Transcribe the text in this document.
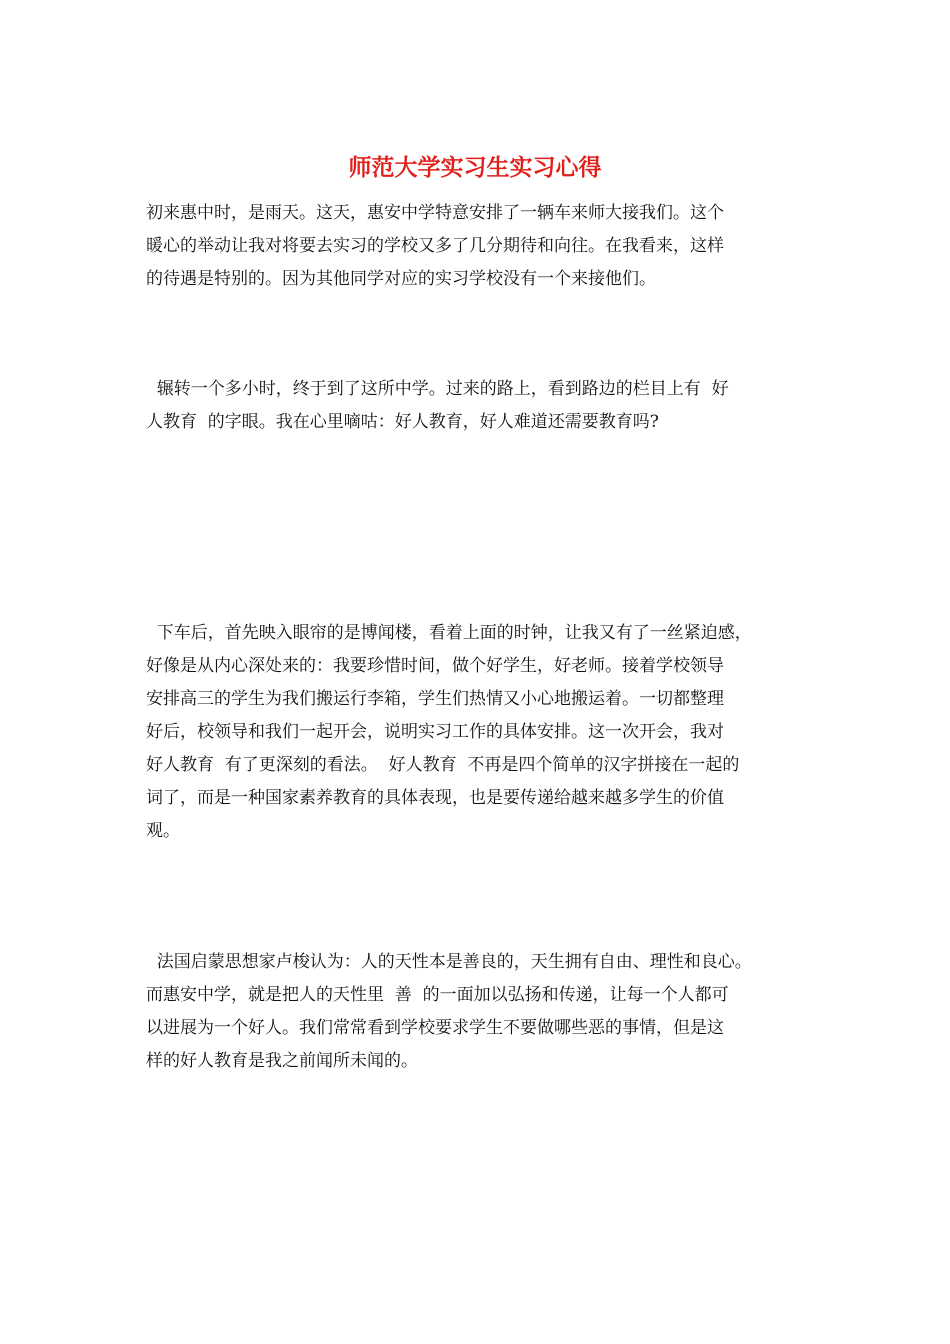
师范大学实习生实习心得
初来惠中时，是雨天。这天，惠安中学特意安排了一辆车来师大接我们。这个
暖心的举动让我对将要去实习的学校又多了几分期待和向往。在我看来，这样
的待遇是特别的。因为其他同学对应的实习学校没有一个来接他们。
辗转一个多小时，终于到了这所中学。过来的路上，看到路边的栏目上有  好
人教育  的字眼。我在心里嘀咕：好人教育，好人难道还需要教育吗?
下车后，首先映入眼帘的是博闻楼，看着上面的时钟，让我又有了一丝紧迫感，
好像是从内心深处来的：我要珍惜时间，做个好学生，好老师。接着学校领导
安排高三的学生为我们搬运行李箱，学生们热情又小心地搬运着。一切都整理
好后，校领导和我们一起开会，说明实习工作的具体安排。这一次开会，我对
好人教育  有了更深刻的看法。  好人教育  不再是四个简单的汉字拼接在一起的
词了，而是一种国家素养教育的具体表现，也是要传递给越来越多学生的价值
观。
法国启蒙思想家卢梭认为：人的天性本是善良的，天生拥有自由、理性和良心。
而惠安中学，就是把人的天性里  善  的一面加以弘扬和传递，让每一个人都可
以进展为一个好人。我们常常看到学校要求学生不要做哪些恶的事情，但是这
样的好人教育是我之前闻所未闻的。
